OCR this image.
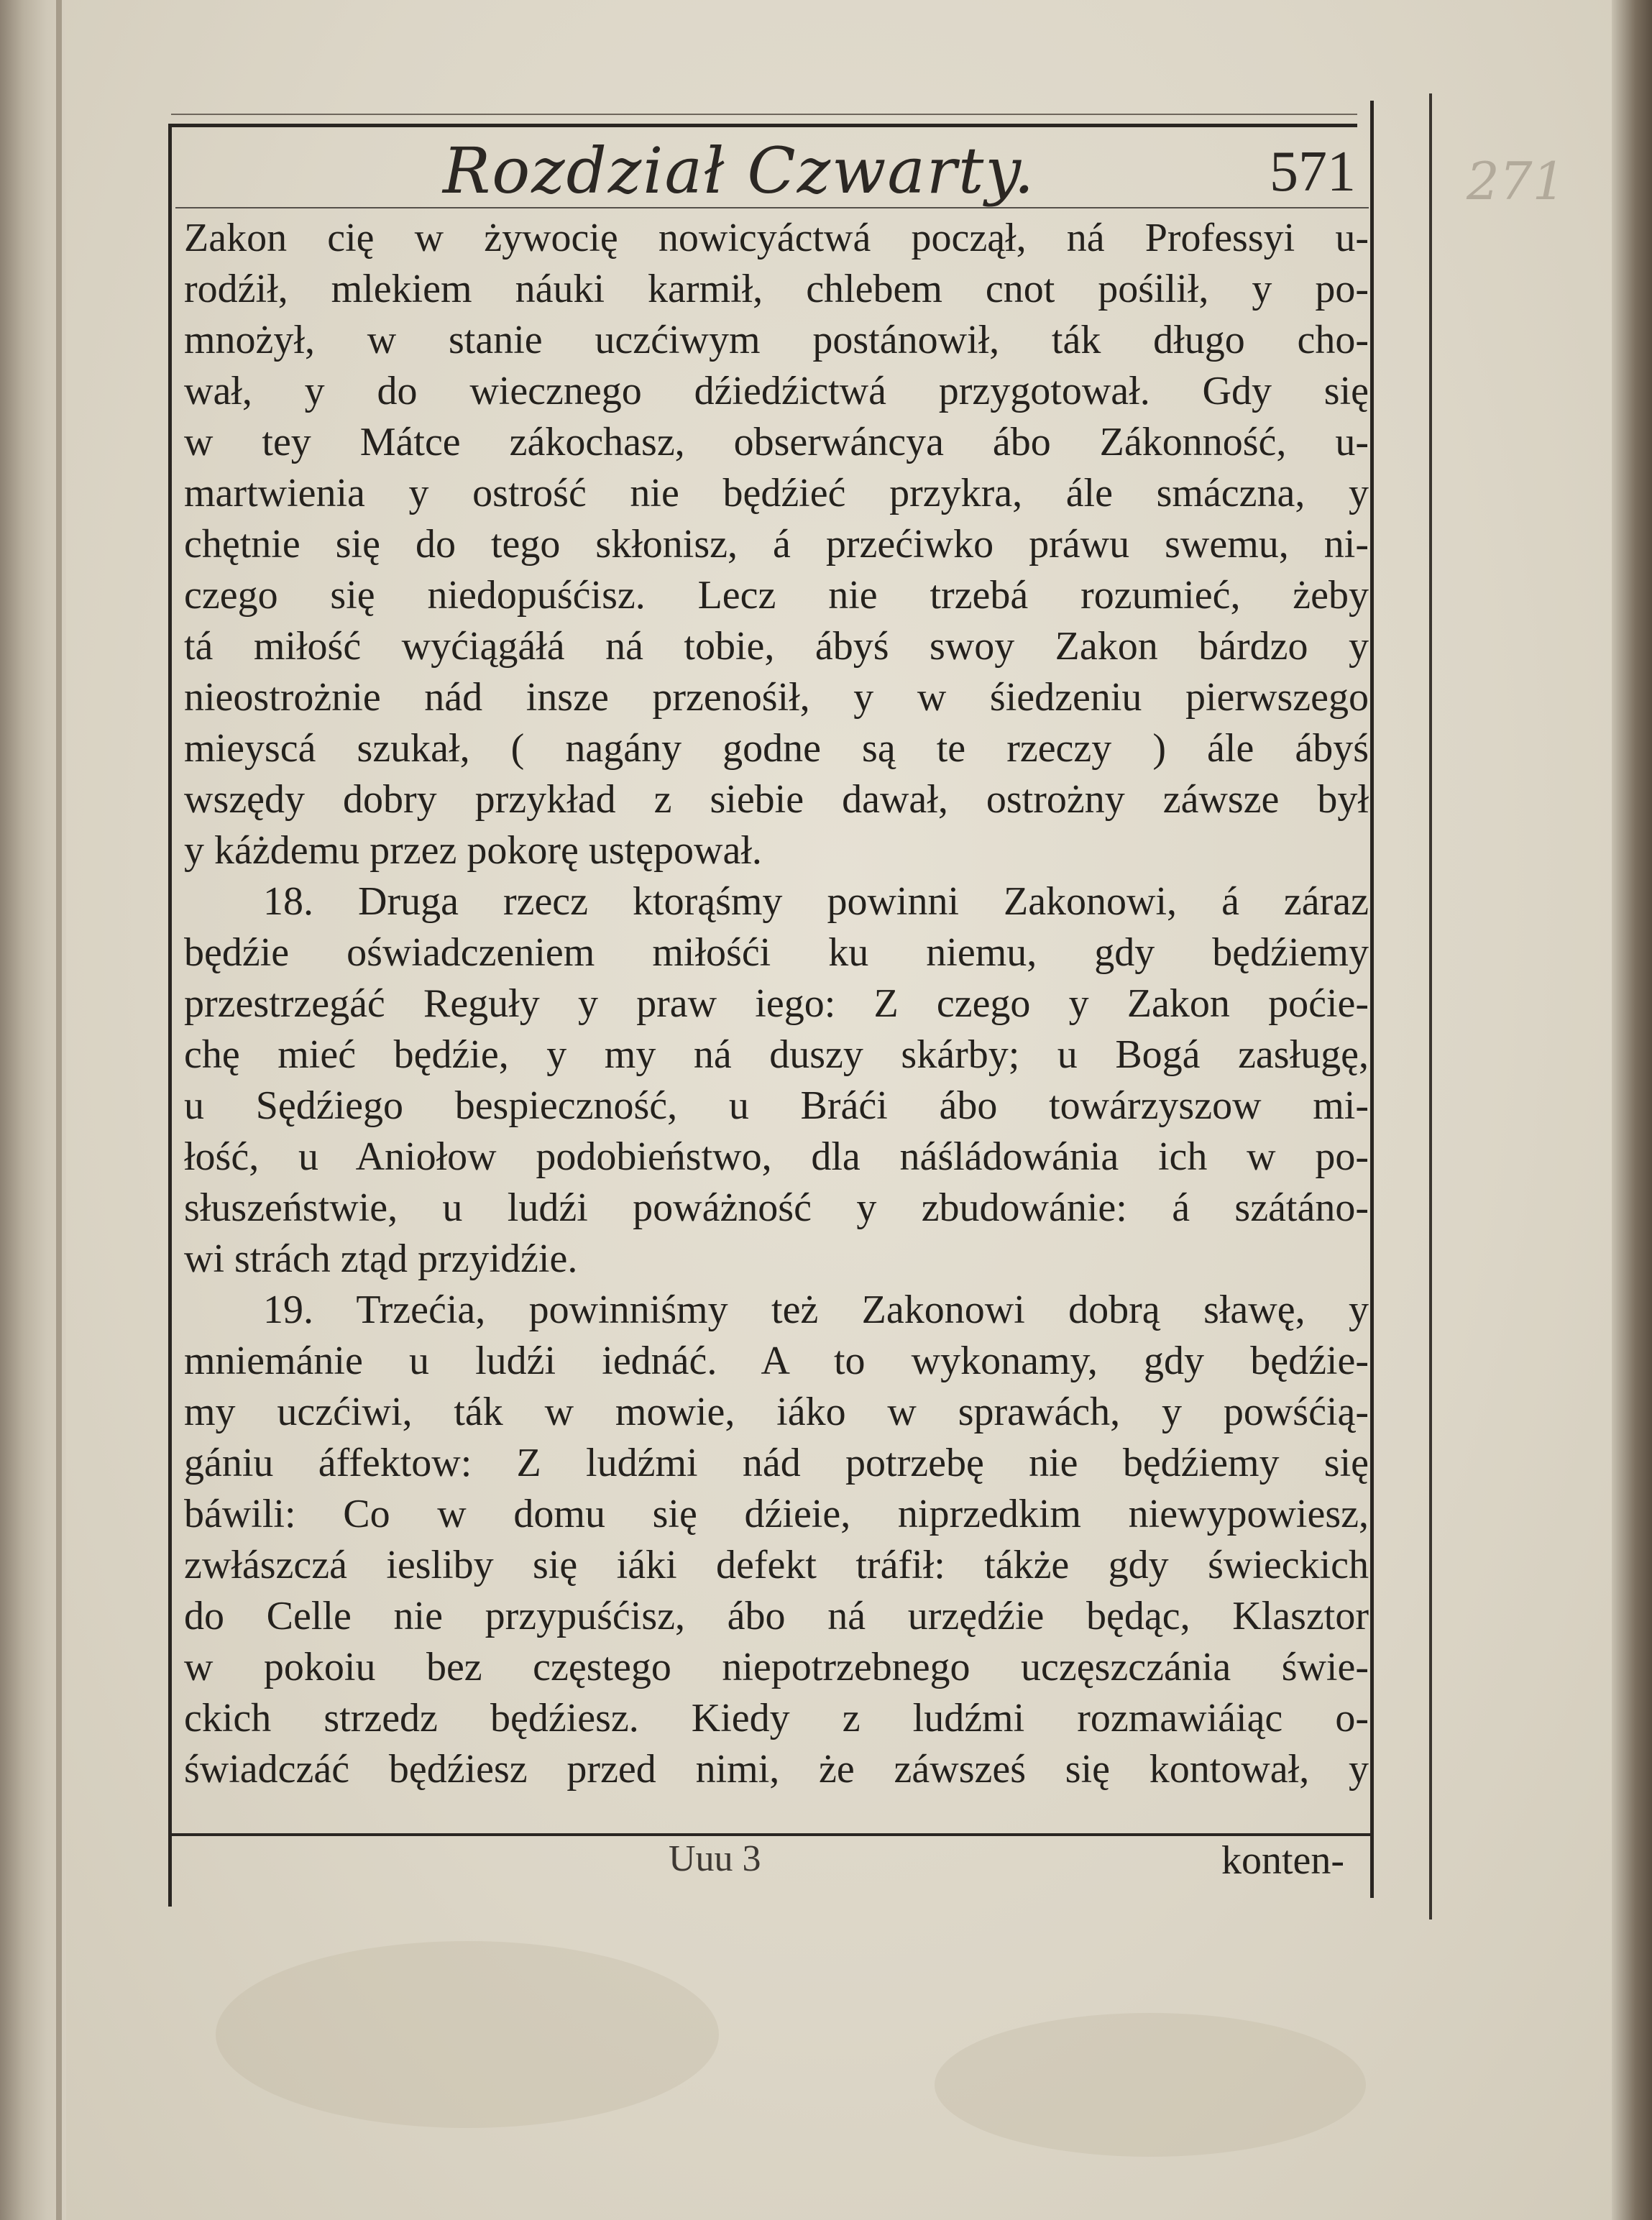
Rozdział Czwarty.	571 271
Zakon cię w żywocię nowicyáctwá począł, ná Professyi u-
rodźił, mlekiem náuki karmił, chlebem cnot pośilił, y po-
mnożył, w stanie uczćiwym postánowił, ták długo cho-
wał, y do wiecznego dźiedźictwá przygotował. Gdy się
w tey Mátce zákochasz, obserwáncya ábo Zákonność, u-
martwienia y ostrość nie będźieć przykra, ále smáczna, y
chętnie się do tego skłonisz, á przećiwko práwu swemu, ni-
czego się niedopuśćisz. Lecz nie trzebá rozumieć, żeby
tá miłość wyćiągáłá ná tobie, ábyś swoy Zakon bárdzo y
nieostrożnie nád insze przenośił, y w śiedzeniu pierwszego
mieyscá szukał, ( nagány godne są te rzeczy ) ále ábyś
wszędy dobry przykład z siebie dawał, ostrożny záwsze był
y káżdemu przez pokorę ustępował.
18. Druga rzecz ktorąśmy powinni Zakonowi, á záraz
będźie oświadczeniem miłośći ku niemu, gdy będźiemy
przestrzegáć Reguły y praw iego: Z czego y Zakon poćie-
chę mieć będźie, y my ná duszy skárby; u Bogá zasługę,
u Sędźiego bespieczność, u Bráći ábo towárzyszow mi-
łość, u Aniołow podobieństwo, dla náśládowánia ich w po-
słuszeństwie, u ludźi powáżność y zbudowánie: á szátáno-
wi strách ztąd przyidźie.
19. Trzećia, powinniśmy też Zakonowi dobrą sławę, y
mniemánie u ludźi iednáć. A to wykonamy, gdy będźie-
my uczćiwi, ták w mowie, iáko w sprawách, y powśćią-
gániu áffektow: Z ludźmi nád potrzebę nie będźiemy się
báwili: Co w domu się dźieie, niprzedkim niewypowiesz,
zwłászczá iesliby się iáki defekt tráfił: tákże gdy świeckich
do Celle nie przypuśćisz, ábo ná urzędźie będąc, Klasztor
w pokoiu bez częstego niepotrzebnego uczęszczánia świe-
ckich strzedz będźiesz. Kiedy z ludźmi rozmawiáiąc o-
świadczáć będźiesz przed nimi, że záwsześ się kontował, y
Uuu 3	konten-
